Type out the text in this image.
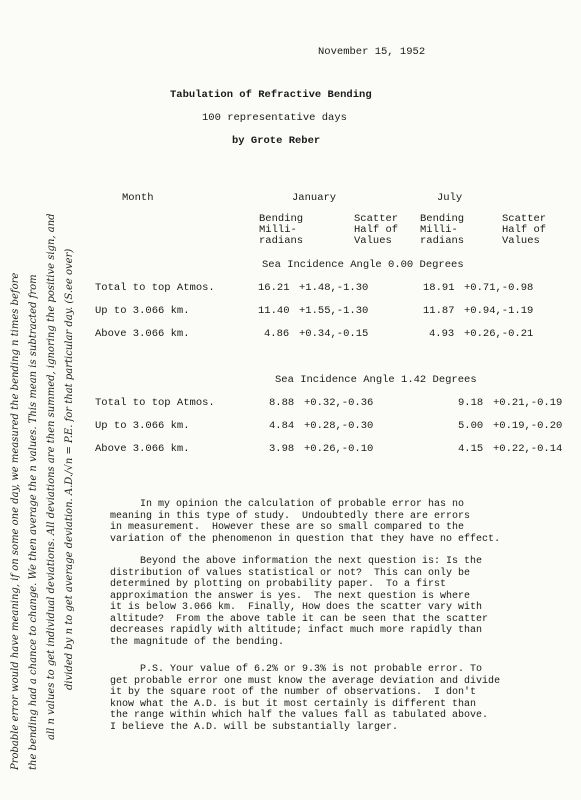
November 15, 1952
Tabulation of Refractive Bending
100 representative days
by Grote Reber
Month	January	July
Bending
Milli-
radians
Scatter
Half of
Values
Bending
Milli-
radians
Scatter
Half of
Values
Sea Incidence Angle 0.00 Degrees
Total to top Atmos.	16.21 +1.48,-1.30	18.91 +0.71,-0.98
Up to 3.066 km.	11.40 +1.55,-1.30	11.87 +0.94,-1.19
Above 3.066 km.	4.86 +0.34,-0.15	4.93 +0.26,-0.21
Sea Incidence Angle 1.42 Degrees
Total to top Atmos.	8.88 +0.32,-0.36	9.18 +0.21,-0.19
Up to 3.066 km.	4.84 +0.28,-0.30	5.00 +0.19,-0.20
Above 3.066 km.	3.98 +0.26,-0.10	4.15 +0.22,-0.14
In my opinion the calculation of probable error has no
meaning in this type of study.  Undoubtedly there are errors
in measurement.  However these are so small compared to the
variation of the phenomenon in question that they have no effect.
Beyond the above information the next question is: Is the
distribution of values statistical or not?  This can only be
determined by plotting on probability paper.  To a first
approximation the answer is yes.  The next question is where
it is below 3.066 km.  Finally, How does the scatter vary with
altitude?  From the above table it can be seen that the scatter
decreases rapidly with altitude; infact much more rapidly than
the magnitude of the bending.
P.S. Your value of 6.2% or 9.3% is not probable error. To
get probable error one must know the average deviation and divide
it by the square root of the number of observations.  I don't
know what the A.D. is but it most certainly is different than
the range within which half the values fall as tabulated above.
I believe the A.D. will be substantially larger.
Probable error would have meaning, if on some one day, we measured the bending n times before the bending had a chance to change. We then average the n values. This mean is subtracted from all n values to get individual deviations. All deviations are then summed, ignoring the positive sign, and divided by n to get average deviation. A.D./√n = P.E. for that particular day. (S.ee over)
